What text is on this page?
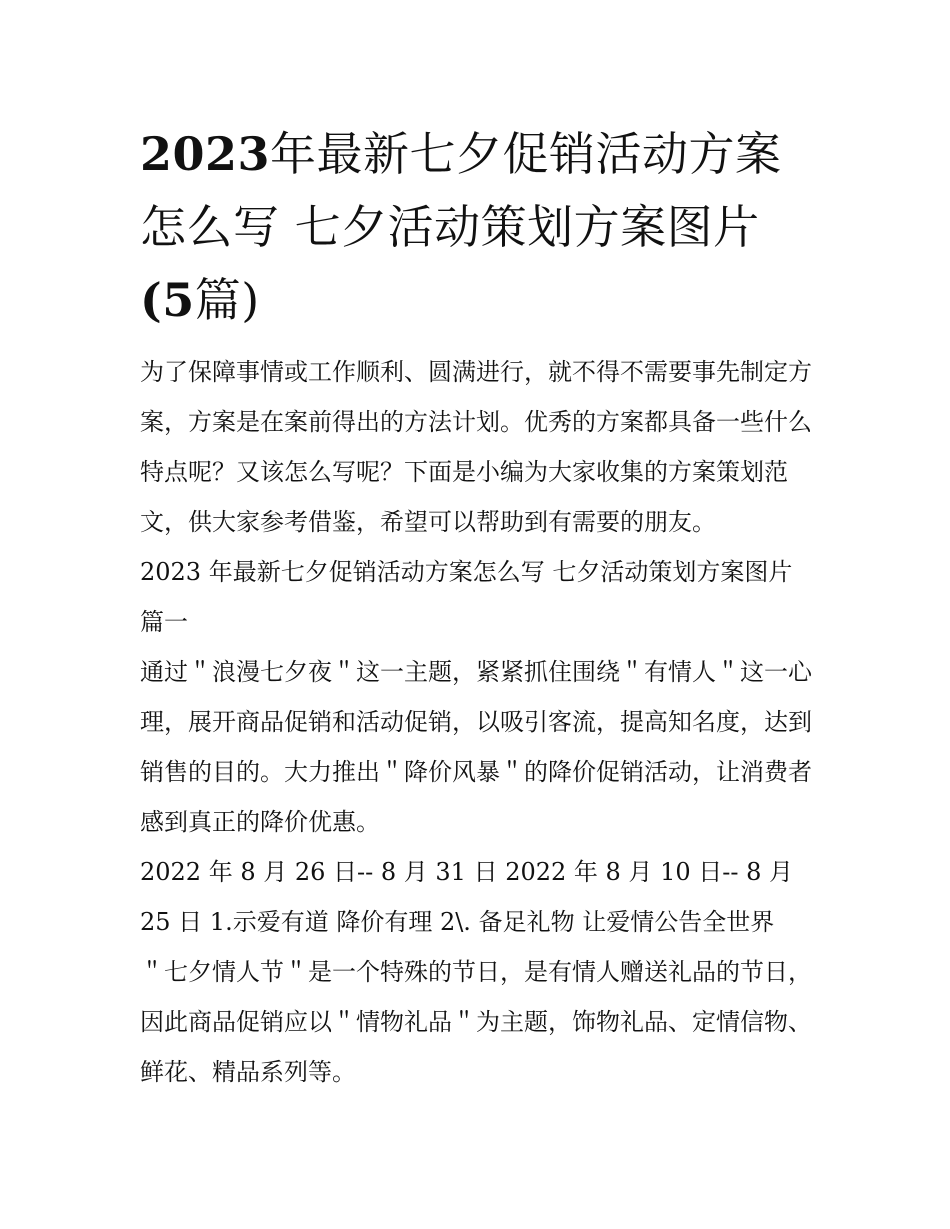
2023年最新七夕促销活动方案怎么写 七夕活动策划方案图片
(5篇)

为了保障事情或工作顺利、圆满进行，就不得不需要事先制定方案，方案是在案前得出的方法计划。优秀的方案都具备一些什么特点呢？又该怎么写呢？下面是小编为大家收集的方案策划范文，供大家参考借鉴，希望可以帮助到有需要的朋友。

2023 年最新七夕促销活动方案怎么写 七夕活动策划方案图片篇一

通过＂浪漫七夕夜＂这一主题，紧紧抓住围绕＂有情人＂这一心理，展开商品促销和活动促销，以吸引客流，提高知名度，达到销售的目的。大力推出＂降价风暴＂的降价促销活动，让消费者感到真正的降价优惠。

2022 年 8 月 26 日-- 8 月 31 日 2022 年 8 月 10 日-- 8 月 25 日 1.示爱有道 降价有理 2\. 备足礼物 让爱情公告全世界

＂七夕情人节＂是一个特殊的节日，是有情人赠送礼品的节日，因此商品促销应以＂情物礼品＂为主题，饰物礼品、定情信物、鲜花、精品系列等。
